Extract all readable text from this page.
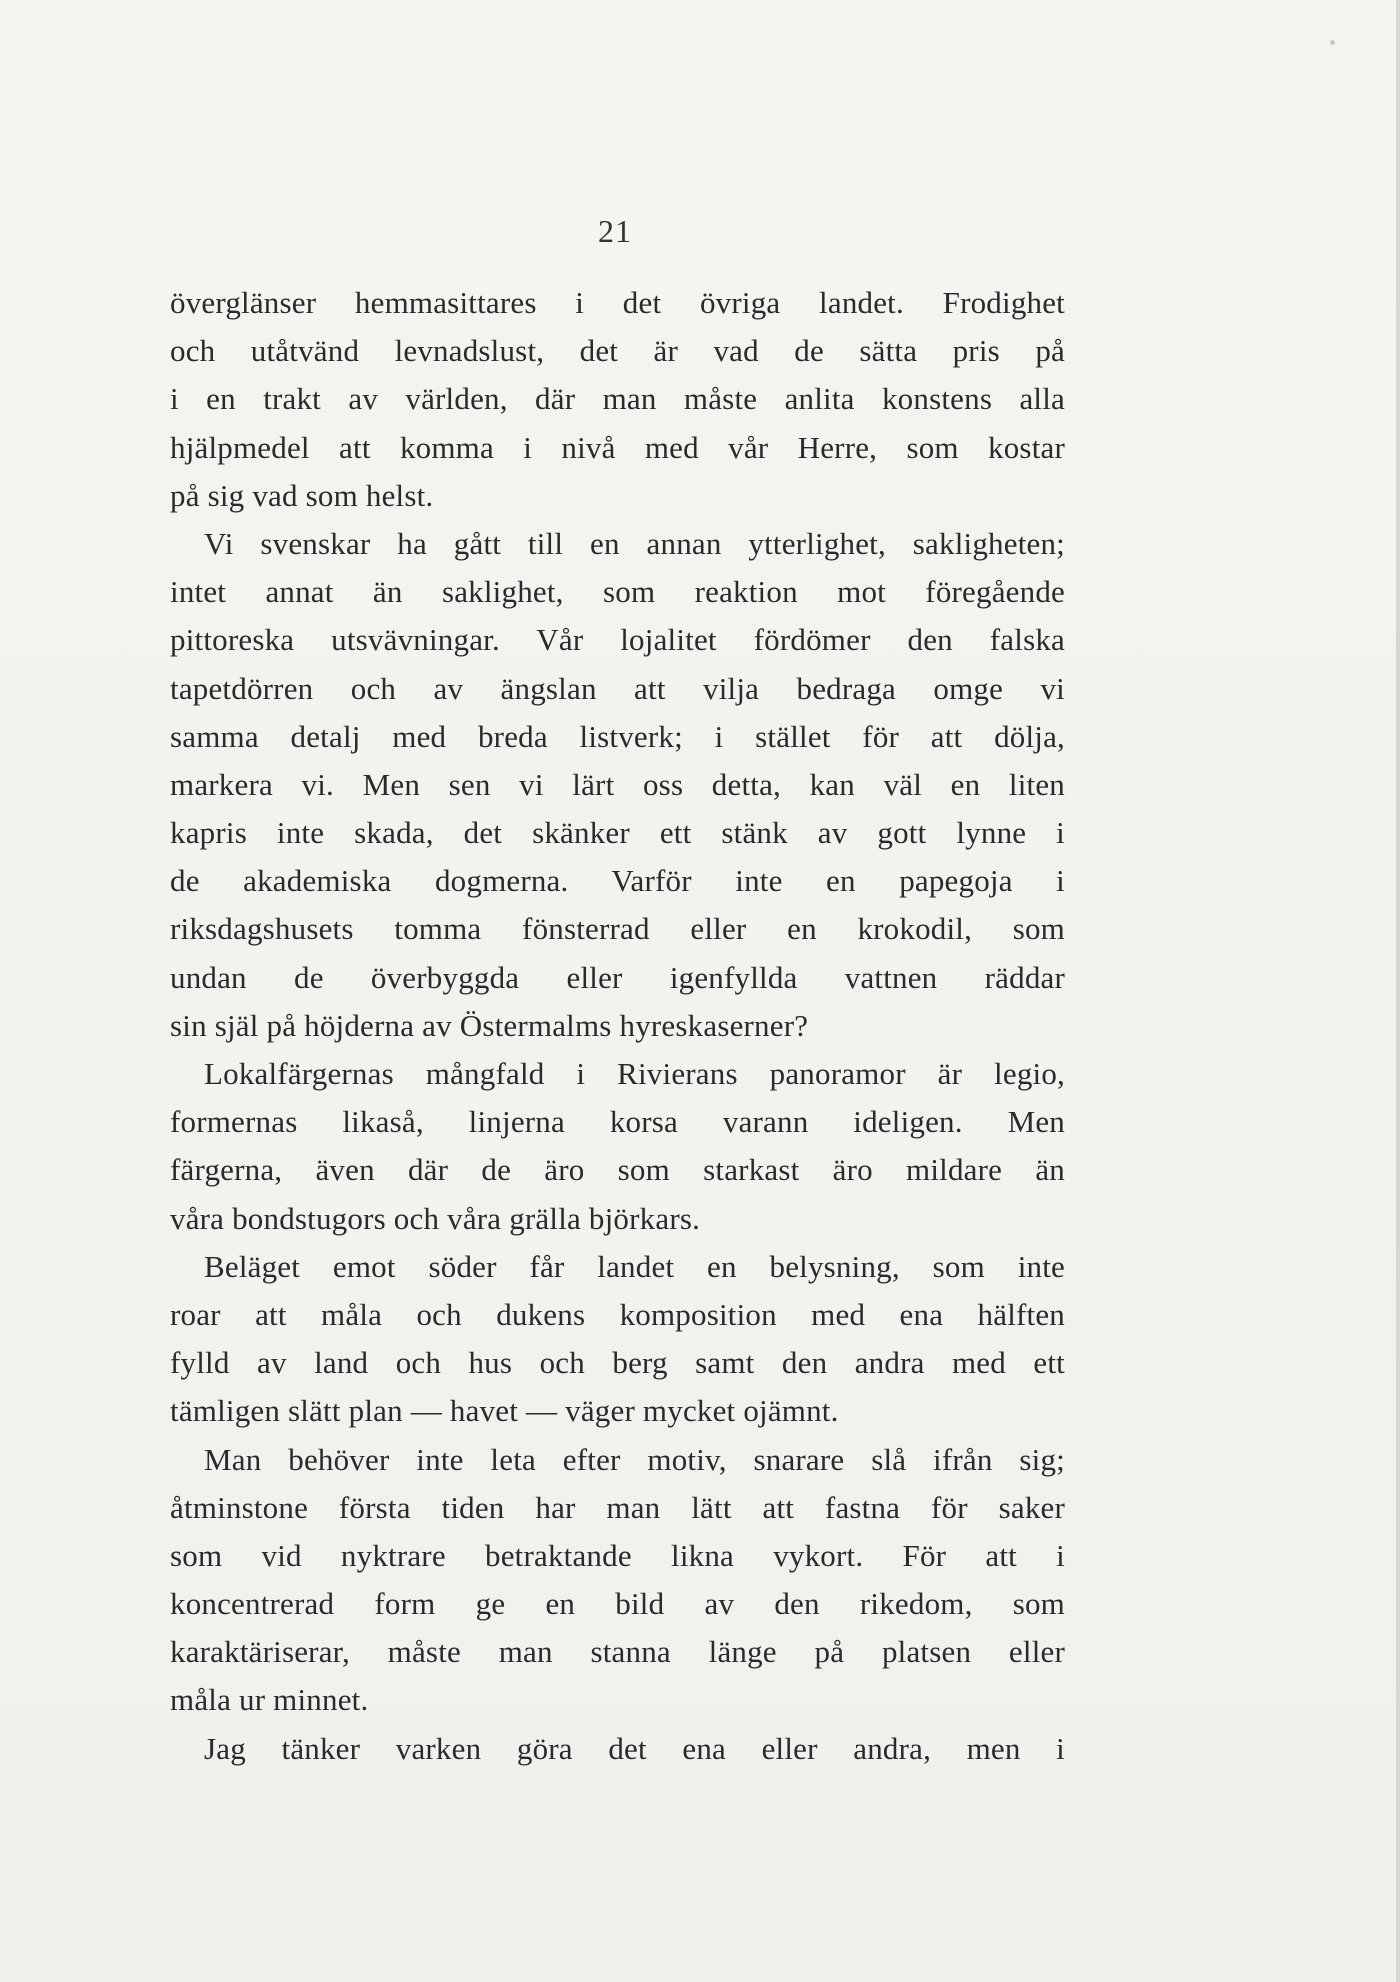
21
överglänser hemmasittares i det övriga landet. Frodighet
och utåtvänd levnadslust, det är vad de sätta pris på
i en trakt av världen, där man måste anlita konstens alla
hjälpmedel att komma i nivå med vår Herre, som kostar
på sig vad som helst.
Vi svenskar ha gått till en annan ytterlighet, sakligheten;
intet annat än saklighet, som reaktion mot föregående
pittoreska utsvävningar. Vår lojalitet fördömer den falska
tapetdörren och av ängslan att vilja bedraga omge vi
samma detalj med breda listverk; i stället för att dölja,
markera vi. Men sen vi lärt oss detta, kan väl en liten
kapris inte skada, det skänker ett stänk av gott lynne i
de akademiska dogmerna. Varför inte en papegoja i
riksdagshusets tomma fönsterrad eller en krokodil, som
undan de överbyggda eller igenfyllda vattnen räddar
sin själ på höjderna av Östermalms hyreskaserner?
Lokalfärgernas mångfald i Rivierans panoramor är legio,
formernas likaså, linjerna korsa varann ideligen. Men
färgerna, även där de äro som starkast äro mildare än
våra bondstugors och våra grälla björkars.
Beläget emot söder får landet en belysning, som inte
roar att måla och dukens komposition med ena hälften
fylld av land och hus och berg samt den andra med ett
tämligen slätt plan — havet — väger mycket ojämnt.
Man behöver inte leta efter motiv, snarare slå ifrån sig;
åtminstone första tiden har man lätt att fastna för saker
som vid nyktrare betraktande likna vykort. För att i
koncentrerad form ge en bild av den rikedom, som
karaktäriserar, måste man stanna länge på platsen eller
måla ur minnet.
Jag tänker varken göra det ena eller andra, men i
